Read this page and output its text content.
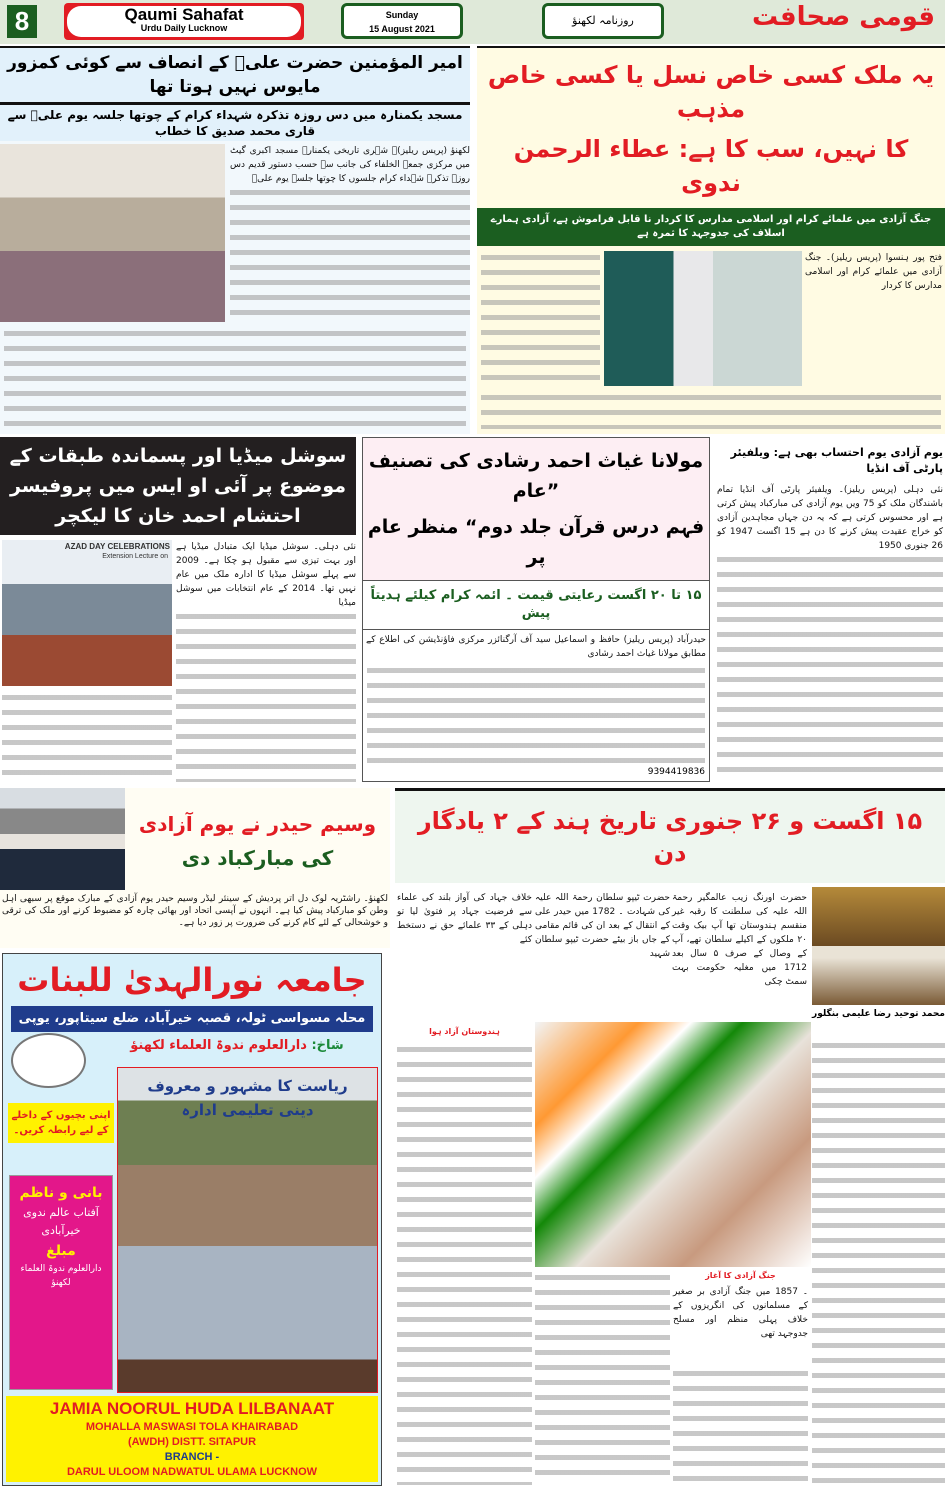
8	Qaumi Sahafat
Urdu Daily Lucknow
Sunday
15 August 2021
روزنامہ لکھنؤ	قومی صحافت
امیر المؤمنین حضرت علیؓ کے انصاف سے کوئی کمزور مایوس نہیں ہوتا تھا
مسجد یکمنارہ میں دس روزہ تذکرہ شہداء کرام کے چوتھا جلسہ یوم علیؓ سے قاری محمد صدیق کا خطاب
لکھنؤ (پریس ریلیز)۔ شہری تاریخی یکمنارہ مسجد اکبری گیٹ میں مرکزی جمعۃ الخلفاء کی جانب سے حسب دستور قدیم دس روزہ تذکرہ شہداء کرام جلسوں کا چوتھا جلسہ یوم علیؓ
یہ ملک کسی خاص نسل یا کسی خاص مذہب
کا نہیں، سب کا ہے: عطاء الرحمن ندوی
جنگ آزادی میں علمائے کرام اور اسلامی مدارس کا کردار نا قابل فراموش ہے، آزادی ہمارے اسلاف کی جدوجہد کا ثمرہ ہے
فتح پور ہنسوا (پریس ریلیز)۔ جنگ آزادی میں علمائے کرام اور اسلامی مدارس کا کردار
سوشل میڈیا اور پسماندہ طبقات کے موضوع پر آئی او ایس میں پروفیسر احتشام احمد خان کا لیکچر
AZAD DAY CELEBRATIONS
Extension Lecture on
نئی دہلی۔ سوشل میڈیا ایک متبادل میڈیا ہے اور بہت تیزی سے مقبول ہو چکا ہے۔ 2009 سے پہلے سوشل میڈیا کا ادارہ ملک میں عام نہیں تھا۔ 2014 کے عام انتخابات میں سوشل میڈیا
مولانا غیاث احمد رشادی کی تصنیف ”عام
فہم درس قرآن جلد دوم“ منظر عام پر
۱۵ تا ۲۰ اگست رعایتی قیمت ۔ ائمہ کرام کیلئے ہدیتاً پیش
حیدرآباد (پریس ریلیز) حافظ و اسماعیل سید آف آرگنائزر مرکزی فاؤنڈیشن کی اطلاع کے مطابق مولانا غیاث احمد رشادی
9394419836
یوم آزادی یوم احتساب بھی ہے: ویلفیئر پارٹی آف انڈیا
نئی دہلی (پریس ریلیز)۔ ویلفیئر پارٹی آف انڈیا تمام باشندگان ملک کو 75 ویں یوم آزادی کی مبارکباد پیش کرتی ہے اور محسوس کرتی ہے کہ یہ دن جہاں مجاہدین آزادی کو خراج عقیدت پیش کرنے کا دن ہے 15 اگست 1947 کو 26 جنوری 1950
وسیم حیدر نے یوم آزادی
کی مبارکباد دی
لکھنؤ۔ راشٹریہ لوک دل اتر پردیش کے سینئر لیڈر وسیم حیدر یوم آزادی کے مبارک موقع پر سبھی اہل وطن کو مبارکباد پیش کیا ہے۔ انہوں نے آپسی اتحاد اور بھائی چارہ کو مضبوط کرنے اور ملک کی ترقی و خوشحالی کے لئے کام کرنے کی ضرورت پر زور دیا ہے۔
۱۵ اگست و ۲۶ جنوری تاریخ ہند کے ۲ یادگار دن
محمد توحید رضا علیمی بنگلور
حضرت اورنگ زیب عالمگیر رحمۃ اللہ علیہ کی سلطنت کا رقبہ غیر منقسم ہندوستان تھا آپ بیک وقت ۲۰ ملکوں کے اکیلے سلطان تھے، آپ کے وصال کے صرف ۵ سال بعد 1712 میں مغلیہ حکومت بہت سمٹ چکی
حضرت ٹیپو سلطان رحمۃ اللہ علیہ کی شہادت ۔ 1782 میں حیدر علی کے انتقال کے بعد ان کی قائم مقامی کے جاں باز بیٹے حضرت ٹیپو سلطان شہید
خلاف جہاد کی آواز بلند کی علماء سے فرضیت جہاد پر فتویٰ لیا تو دہلی کے ۳۳ علمائے حق نے دستخط کئے
ہندوستان آزاد ہوا
جنگ آزادی کا آغاز
۔ 1857 میں جنگ آزادی بر صغیر کے مسلمانوں کی انگریزوں کے خلاف پہلی منظم اور مسلح جدوجہد تھی
جامعہ نورالہدیٰ للبنات
محلہ مسواسی ٹولہ، قصبہ خیرآباد، ضلع سیتاپور، یوپی
شاخ: دارالعلوم ندوۃ العلماء لکھنؤ
ریاست کا مشہور و معروف
دینی تعلیمی ادارہ
اپنی بچیوں کے داخلے
کے لیے رابطہ کریں۔
بانی و ناظم
آفتاب عالم ندوی
خیرآبادی
مبلغ
دارالعلوم ندوۃ العلماء
لکھنؤ
JAMIA NOORUL HUDA LILBANAAT
MOHALLA MASWASI TOLA KHAIRABAD
(AWDH) DISTT. SITAPUR
BRANCH -
DARUL ULOOM NADWATUL ULAMA LUCKNOW
